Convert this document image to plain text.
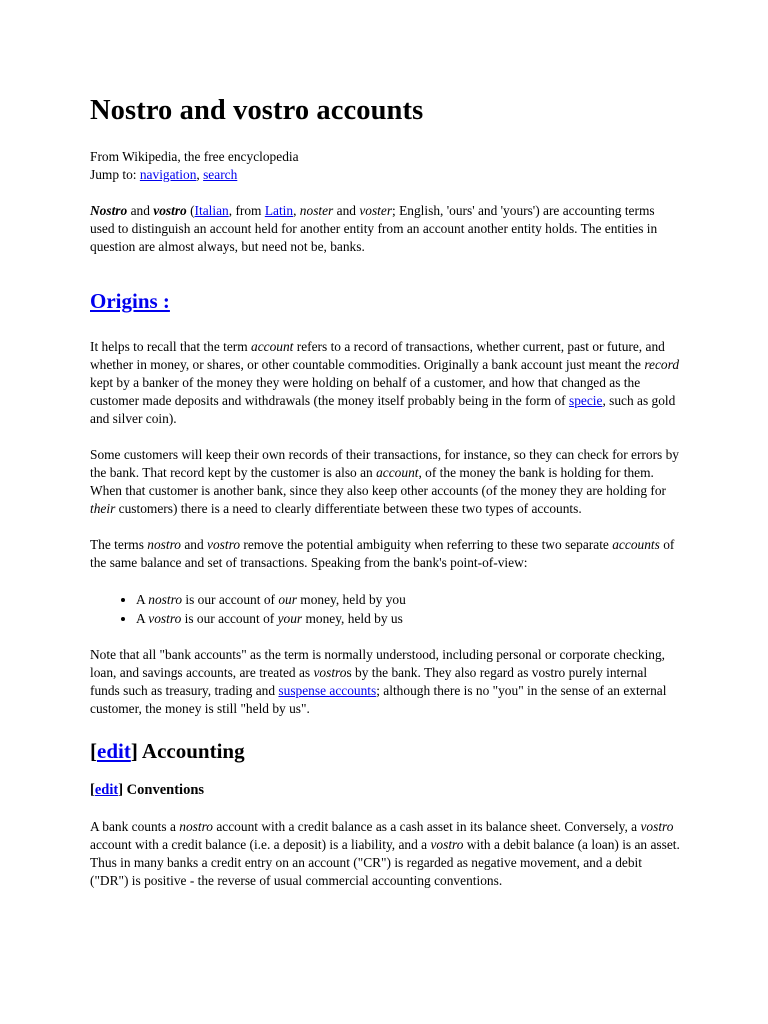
Nostro and vostro accounts

From Wikipedia, the free encyclopedia

Jump to: navigation, search

Nostro and vostro (Italian, from Latin, noster and voster; English, 'ours' and 'yours') are accounting terms used to distinguish an account held for another entity from an account another entity holds. The entities in question are almost always, but need not be, banks.

Origins :

It helps to recall that the term account refers to a record of transactions, whether current, past or future, and whether in money, or shares, or other countable commodities. Originally a bank account just meant the record kept by a banker of the money they were holding on behalf of a customer, and how that changed as the customer made deposits and withdrawals (the money itself probably being in the form of specie, such as gold and silver coin).

Some customers will keep their own records of their transactions, for instance, so they can check for errors by the bank. That record kept by the customer is also an account, of the money the bank is holding for them. When that customer is another bank, since they also keep other accounts (of the money they are holding for their customers) there is a need to clearly differentiate between these two types of accounts.

The terms nostro and vostro remove the potential ambiguity when referring to these two separate accounts of the same balance and set of transactions. Speaking from the bank's point-of-view:

• A nostro is our account of our money, held by you
• A vostro is our account of your money, held by us

Note that all "bank accounts" as the term is normally understood, including personal or corporate checking, loan, and savings accounts, are treated as vostros by the bank. They also regard as vostro purely internal funds such as treasury, trading and suspense accounts; although there is no "you" in the sense of an external customer, the money is still "held by us".

[edit] Accounting
[edit] Conventions

A bank counts a nostro account with a credit balance as a cash asset in its balance sheet. Conversely, a vostro account with a credit balance (i.e. a deposit) is a liability, and a vostro with a debit balance (a loan) is an asset. Thus in many banks a credit entry on an account ("CR") is regarded as negative movement, and a debit ("DR") is positive - the reverse of usual commercial accounting conventions.
